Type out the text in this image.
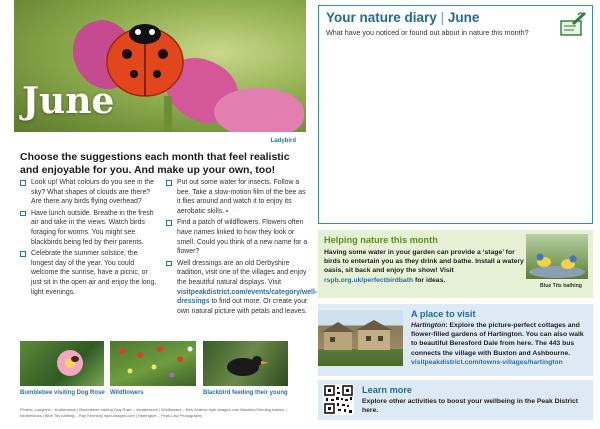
June
Ladybird
Choose the suggestions each month that feel realistic and enjoyable for you. And make up your own, too!
Look up! What colours do you see in the sky? What shapes of clouds are there? Are there any birds flying overhead?
Have lunch outside. Breathe in the fresh air and take in the views. Watch birds foraging for worms. You might see blackbirds being fed by their parents.
Celebrate the summer solstice, the longest day of the year. You could welcome the sunrise, have a picnic, or just sit in the open air and enjoy the long, light evenings.
Put out some water for insects. Follow a bee. Take a slow-motion film of the bee as it flies around and watch it to enjoy its aerobatic skills.
Find a patch of wildflowers. Flowers often have names linked to how they look or smell. Could you think of a new name for a flower?
Well dressings are an old Derbyshire tradition, visit one of the villages and enjoy the beautiful natural displays. Visit visitpeakdistrict.com/events/category/well-dressings to find out more. Or create your own natural picture with petals and leaves.
Bumblebee visiting Dog Rose Wildflowers	Blackbird feeding their young
Photos: Ladybird – shutterstock | Bumblebee visiting Dog Rose – shutterstock | Wildflowers – Ben Andrew rspb-images.com Blackbird feeding babies – shutterstock | Blue Tits bathing – Ray Kennedy rspb-images.com | Hartington – Peak Law Photography
Your nature diary | June
What have you noticed or found out about in nature this month?
Helping nature this month
Having some water in your garden can provide a ‘stage’ for birds to entertain you as they drink and bathe. Install a watery oasis, sit back and enjoy the show! Visit rspb.org.uk/perfectbirdbath for ideas.
Blue Tits bathing
A place to visit
Hartington: Explore the picture-perfect cottages and flower-filled gardens of Hartington. You can also walk to beautiful Beresford Dale from here. The 443 bus connects the village with Buxton and Ashbourne. visitpeakdistrict.com/towns-villages/hartington
Learn more
Explore other activities to boost your wellbeing in the Peak District here.
